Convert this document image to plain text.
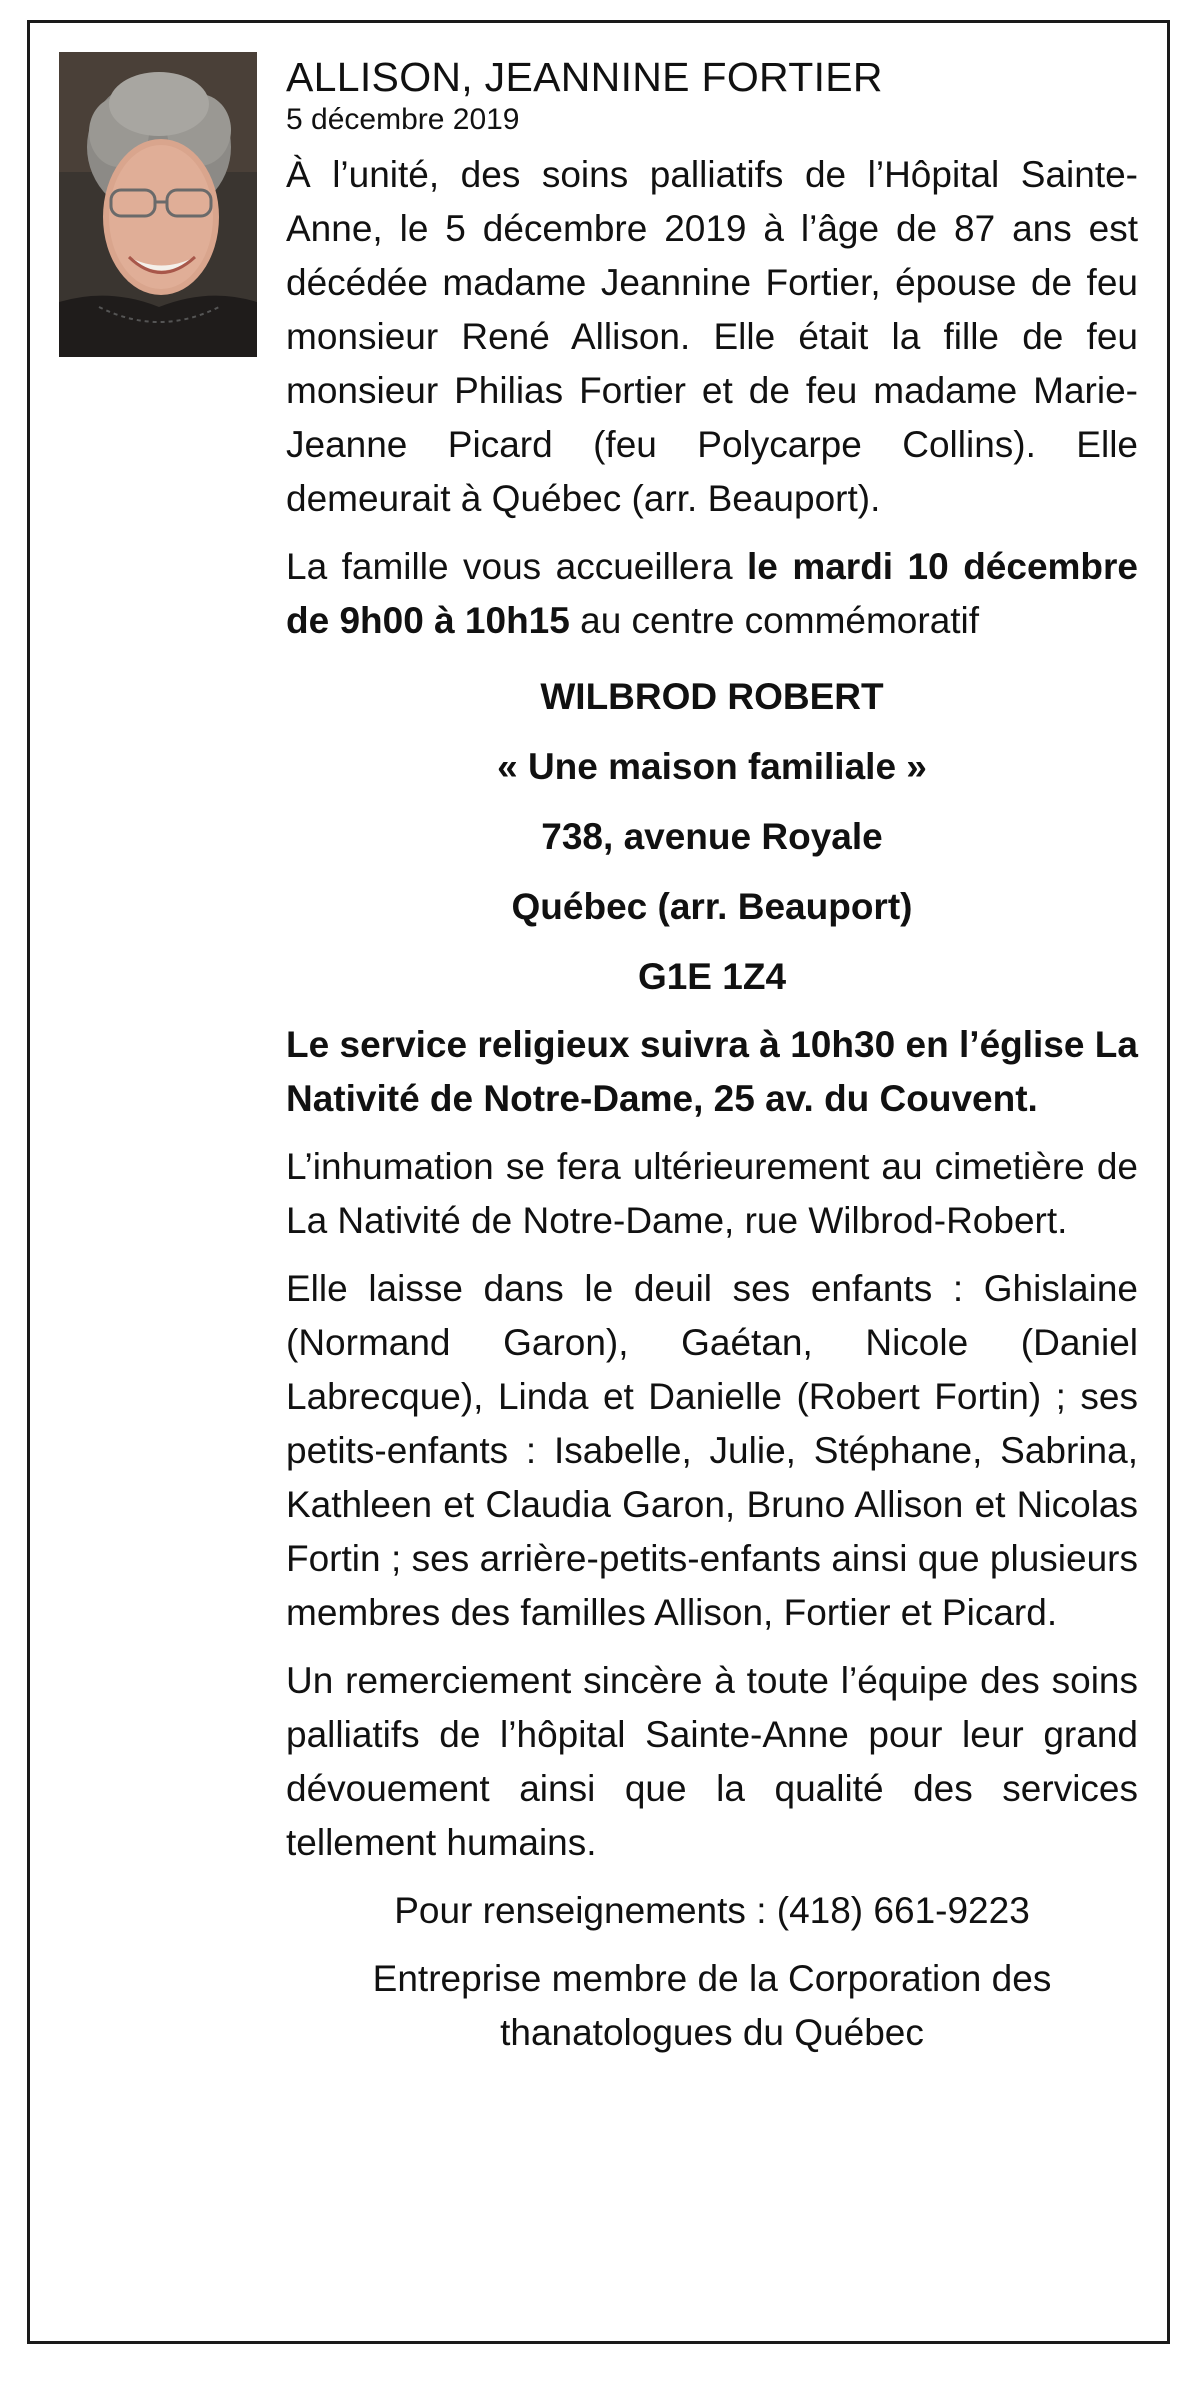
ALLISON, JEANNINE FORTIER
5 décembre 2019

À l’unité, des soins palliatifs de l’Hôpital Sainte-Anne, le 5 décembre 2019 à l’âge de 87 ans est décédée madame Jeannine Fortier, épouse de feu monsieur René Allison. Elle était la fille de feu monsieur Philias Fortier et de feu madame Marie-Jeanne Picard (feu Polycarpe Collins). Elle demeurait à Québec (arr. Beauport).

La famille vous accueillera le mardi 10 décembre de 9h00 à 10h15 au centre commémoratif

WILBROD ROBERT
« Une maison familiale »
738, avenue Royale
Québec (arr. Beauport)
G1E 1Z4

Le service religieux suivra à 10h30 en l’église La Nativité de Notre-Dame, 25 av. du Couvent.

L’inhumation se fera ultérieurement au cimetière de La Nativité de Notre-Dame, rue Wilbrod-Robert.

Elle laisse dans le deuil ses enfants : Ghislaine (Normand Garon), Gaétan, Nicole (Daniel Labrecque), Linda et Danielle (Robert Fortin) ; ses petits-enfants : Isabelle, Julie, Stéphane, Sabrina, Kathleen et Claudia Garon, Bruno Allison et Nicolas Fortin ; ses arrière-petits-enfants ainsi que plusieurs membres des familles Allison, Fortier et Picard.

Un remerciement sincère à toute l’équipe des soins palliatifs de l’hôpital Sainte-Anne pour leur grand dévouement ainsi que la qualité des services tellement humains.

Pour renseignements : (418) 661-9223
Entreprise membre de la Corporation des
thanatologues du Québec
